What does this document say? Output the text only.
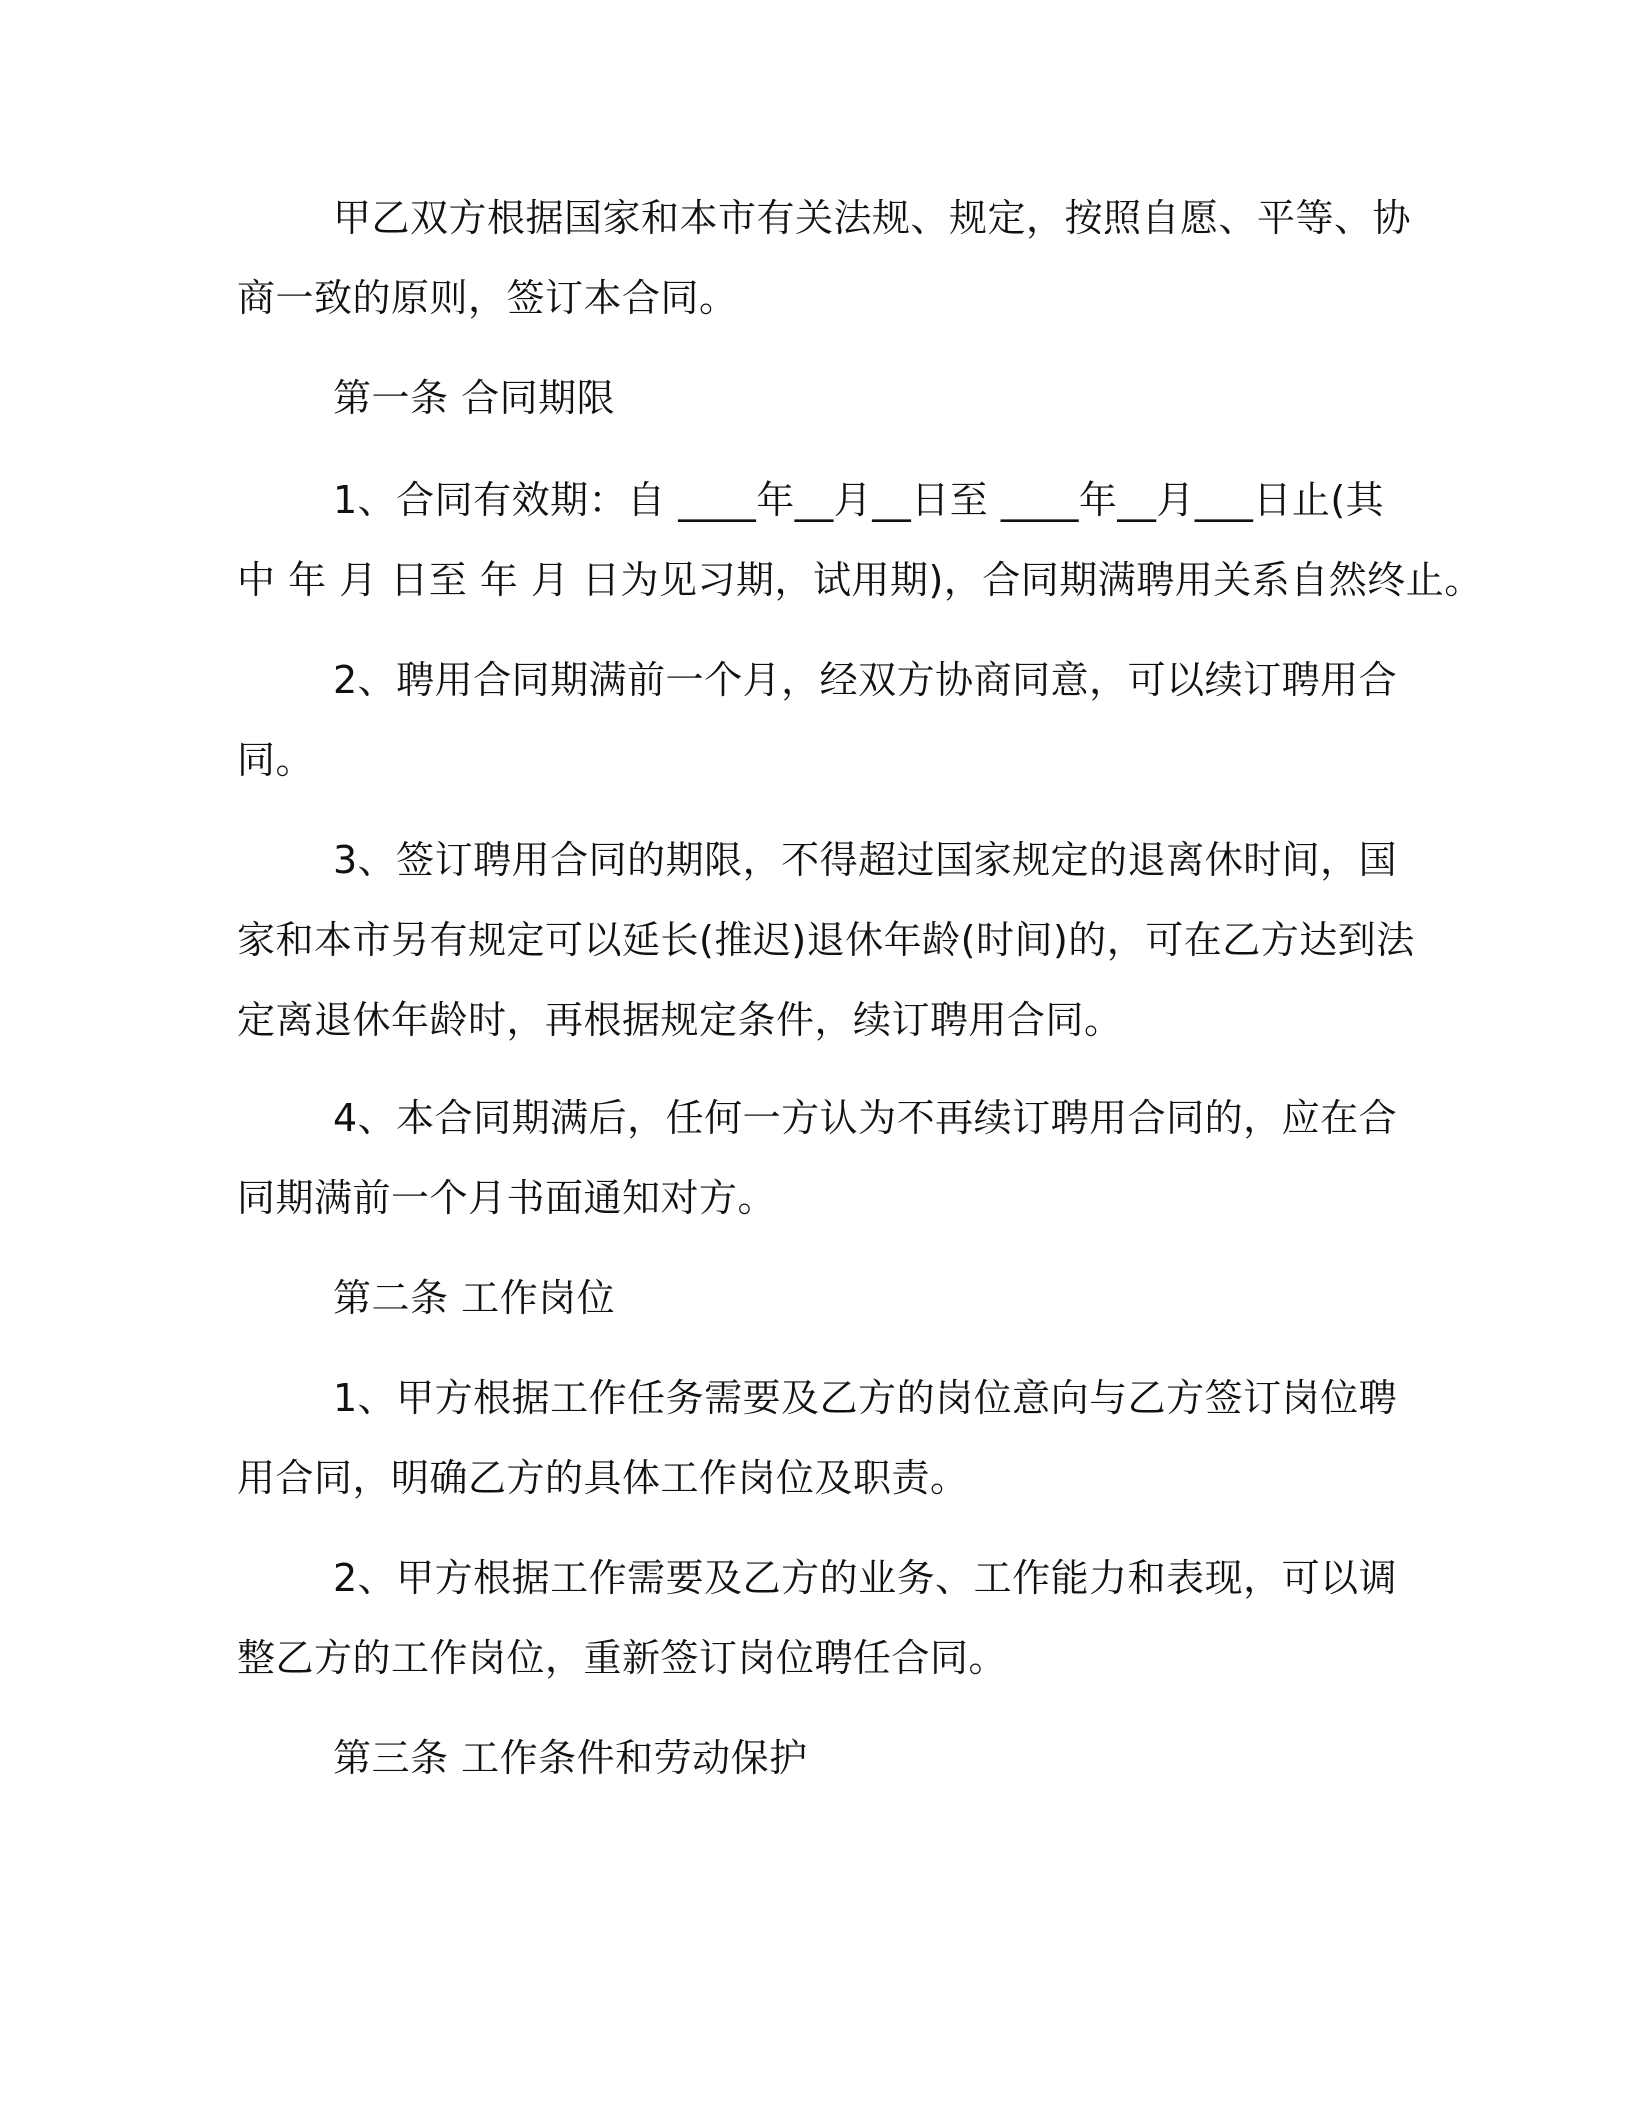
甲乙双方根据国家和本市有关法规、规定，按照自愿、平等、协
商一致的原则，签订本合同。
第一条 合同期限
1、合同有效期：自 ____年__月__日至 ____年__月___日止(其
中 年 月 日至 年 月 日为见习期，试用期)，合同期满聘用关系自然终止。
2、聘用合同期满前一个月，经双方协商同意，可以续订聘用合
同。
3、签订聘用合同的期限，不得超过国家规定的退离休时间，国
家和本市另有规定可以延长(推迟)退休年龄(时间)的，可在乙方达到法
定离退休年龄时，再根据规定条件，续订聘用合同。
4、本合同期满后，任何一方认为不再续订聘用合同的，应在合
同期满前一个月书面通知对方。
第二条 工作岗位
1、甲方根据工作任务需要及乙方的岗位意向与乙方签订岗位聘
用合同，明确乙方的具体工作岗位及职责。
2、甲方根据工作需要及乙方的业务、工作能力和表现，可以调
整乙方的工作岗位，重新签订岗位聘任合同。
第三条 工作条件和劳动保护
